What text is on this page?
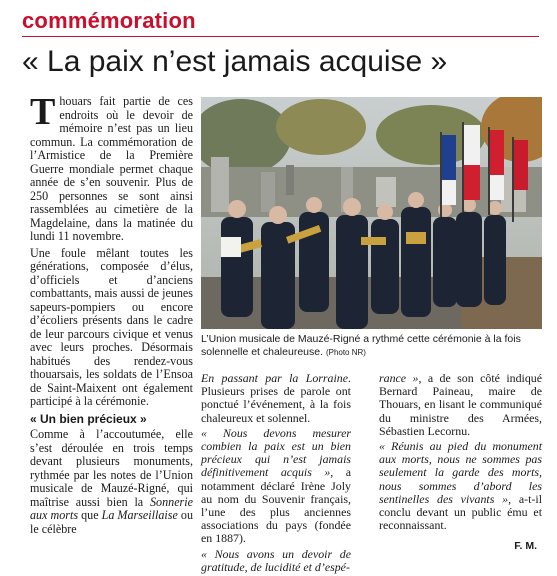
commémoration
« La paix n’est jamais acquise »

Thouars fait partie de ces endroits où le devoir de mémoire n’est pas un lieu commun. La commémoration de l’Armistice de la Première Guerre mondiale permet chaque année de s’en souvenir. Plus de 250 personnes se sont ainsi rassemblées au cimetière de la Magdelaine, dans la matinée du lundi 11 novembre.

Une foule mêlant toutes les générations, composée d’élus, d’officiels et d’anciens combattants, mais aussi de jeunes sapeurs-pompiers ou encore d’écoliers présents dans le cadre de leur parcours civique et venus avec leurs proches. Désormais habitués des rendez-vous thouarsais, les soldats de l’Ensoa de Saint-Maixent ont également participé à la cérémonie.

« Un bien précieux »

Comme à l’accoutumée, elle s’est déroulée en trois temps devant plusieurs monuments, rythmée par les notes de l’Union musicale de Mauzé-Rigné, qui maîtrise aussi bien la Sonnerie aux morts que La Marseillaise ou le célèbre

L’Union musicale de Mauzé-Rigné a rythmé cette cérémonie à la fois solennelle et chaleureuse. (Photo NR)

En passant par la Lorraine. Plusieurs prises de parole ont ponctué l’événement, à la fois chaleureux et solennel.

« Nous devons mesurer combien la paix est un bien précieux qui n’est jamais définitivement acquis », a notamment déclaré Irène Joly au nom du Souvenir français, l’une des plus anciennes associations du pays (fondée en 1887).

« Nous avons un devoir de gratitude, de lucidité et d’espé-

rance », a de son côté indiqué Bernard Paineau, maire de Thouars, en lisant le communiqué du ministre des Armées, Sébastien Lecornu.

« Réunis au pied du monument aux morts, nous ne sommes pas seulement la garde des morts, nous sommes d’abord les sentinelles des vivants », a-t-il conclu devant un public ému et reconnaissant.

F. M.
